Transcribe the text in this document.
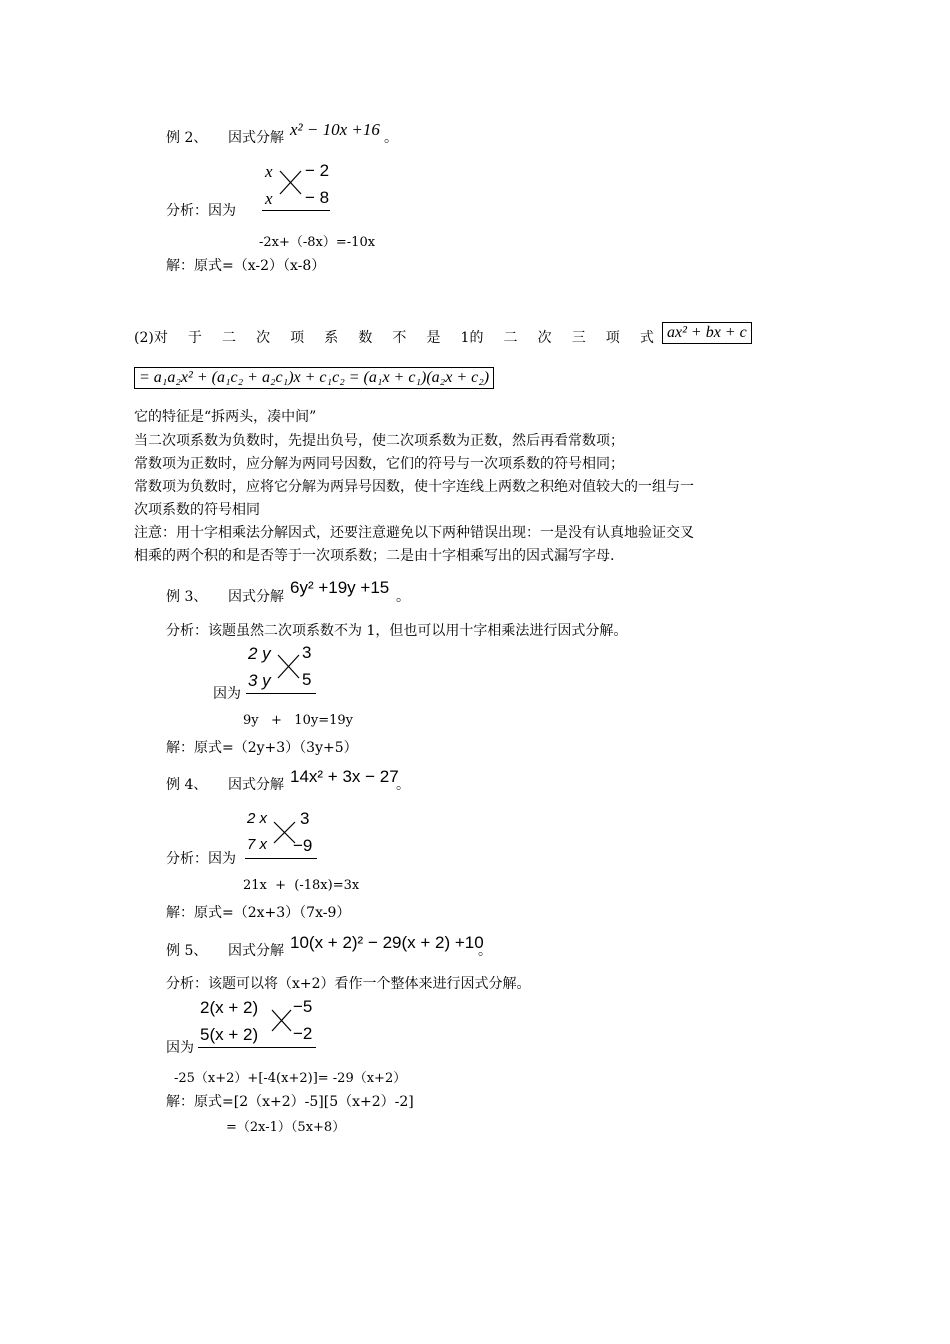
例 2、 因式分解 x² − 10x +16 。
x − 2
x − 8
分析：因为
-2x+（-8x）=-10x
解：原式=（x-2）（x-8）
(2)对 于 二 次 项 系 数 不 是 1的 二 次 三 项 式 ax² + bx + c
= a₁a₂x² + (a₁c₂ + a₂c₁)x + c₁c₂ = (a₁x + c₁)(a₂x + c₂)
它的特征是“拆两头，凑中间”
当二次项系数为负数时，先提出负号，使二次项系数为正数，然后再看常数项；
常数项为正数时，应分解为两同号因数，它们的符号与一次项系数的符号相同；
常数项为负数时，应将它分解为两异号因数，使十字连线上两数之积绝对值较大的一组与一
次项系数的符号相同
注意：用十字相乘法分解因式，还要注意避免以下两种错误出现：一是没有认真地验证交叉
相乘的两个积的和是否等于一次项系数；二是由十字相乘写出的因式漏写字母.
例 3、 因式分解 6y² +19y +15 。
分析：该题虽然二次项系数不为 1，但也可以用十字相乘法进行因式分解。
2 y 3
3 y 5
因为
9y   +   10y=19y
解：原式=（2y+3）（3y+5）
例 4、 因式分解 14x² + 3x − 27
。
2 x 3
7 x −9
分析：因为
21x  +  (-18x)=3x
解：原式=（2x+3）（7x-9）
例 5、 因式分解 10(x + 2)² − 29(x + 2) +10
。
分析：该题可以将（x+2）看作一个整体来进行因式分解。
2(x + 2) −5
5(x + 2) −2
因为
-25（x+2）+[-4(x+2)]= -29（x+2）
解：原式=[2（x+2）-5][5（x+2）-2]
=（2x-1）（5x+8）
